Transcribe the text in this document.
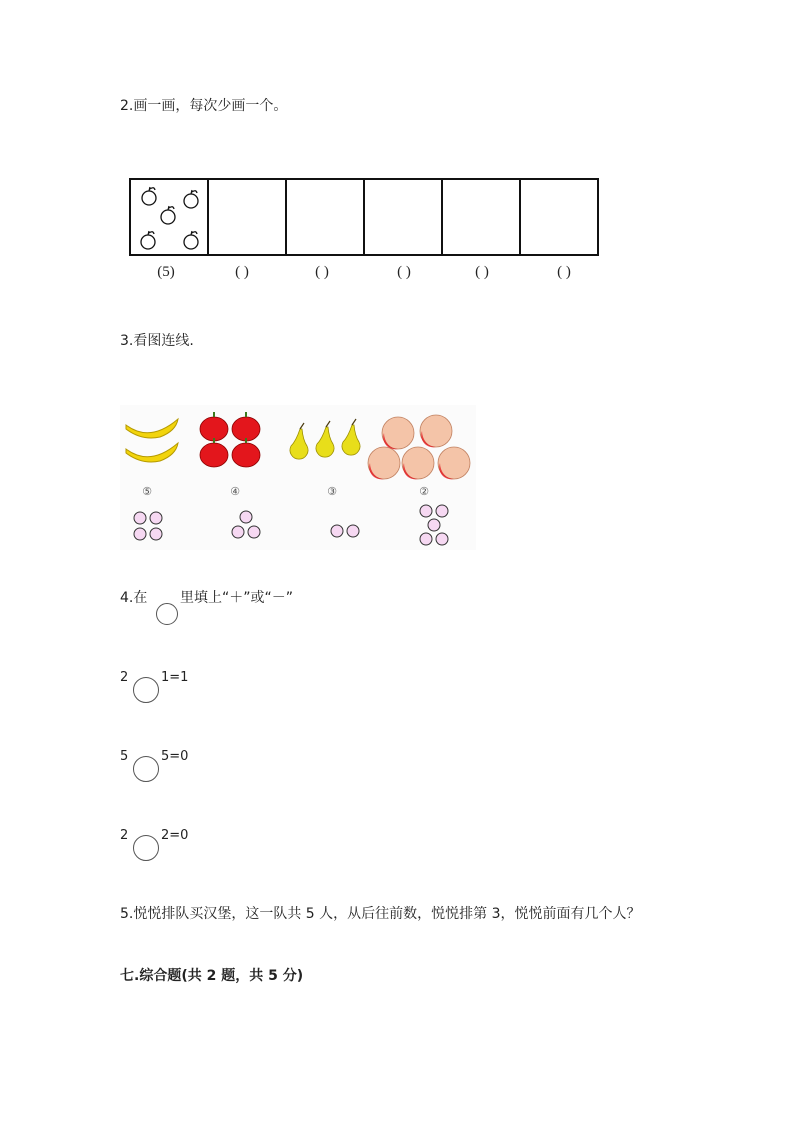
2.画一画，每次少画一个。
(5)	( )	( )	( )	( )	( )
3.看图连线.
⑤	④	③	②
4.在 里填上“＋”或“－”
2	1=1
5	5=0
2	2=0
5.悦悦排队买汉堡，这一队共 5 人，从后往前数，悦悦排第 3，悦悦前面有几个人？
七.综合题(共 2 题，共 5 分)
